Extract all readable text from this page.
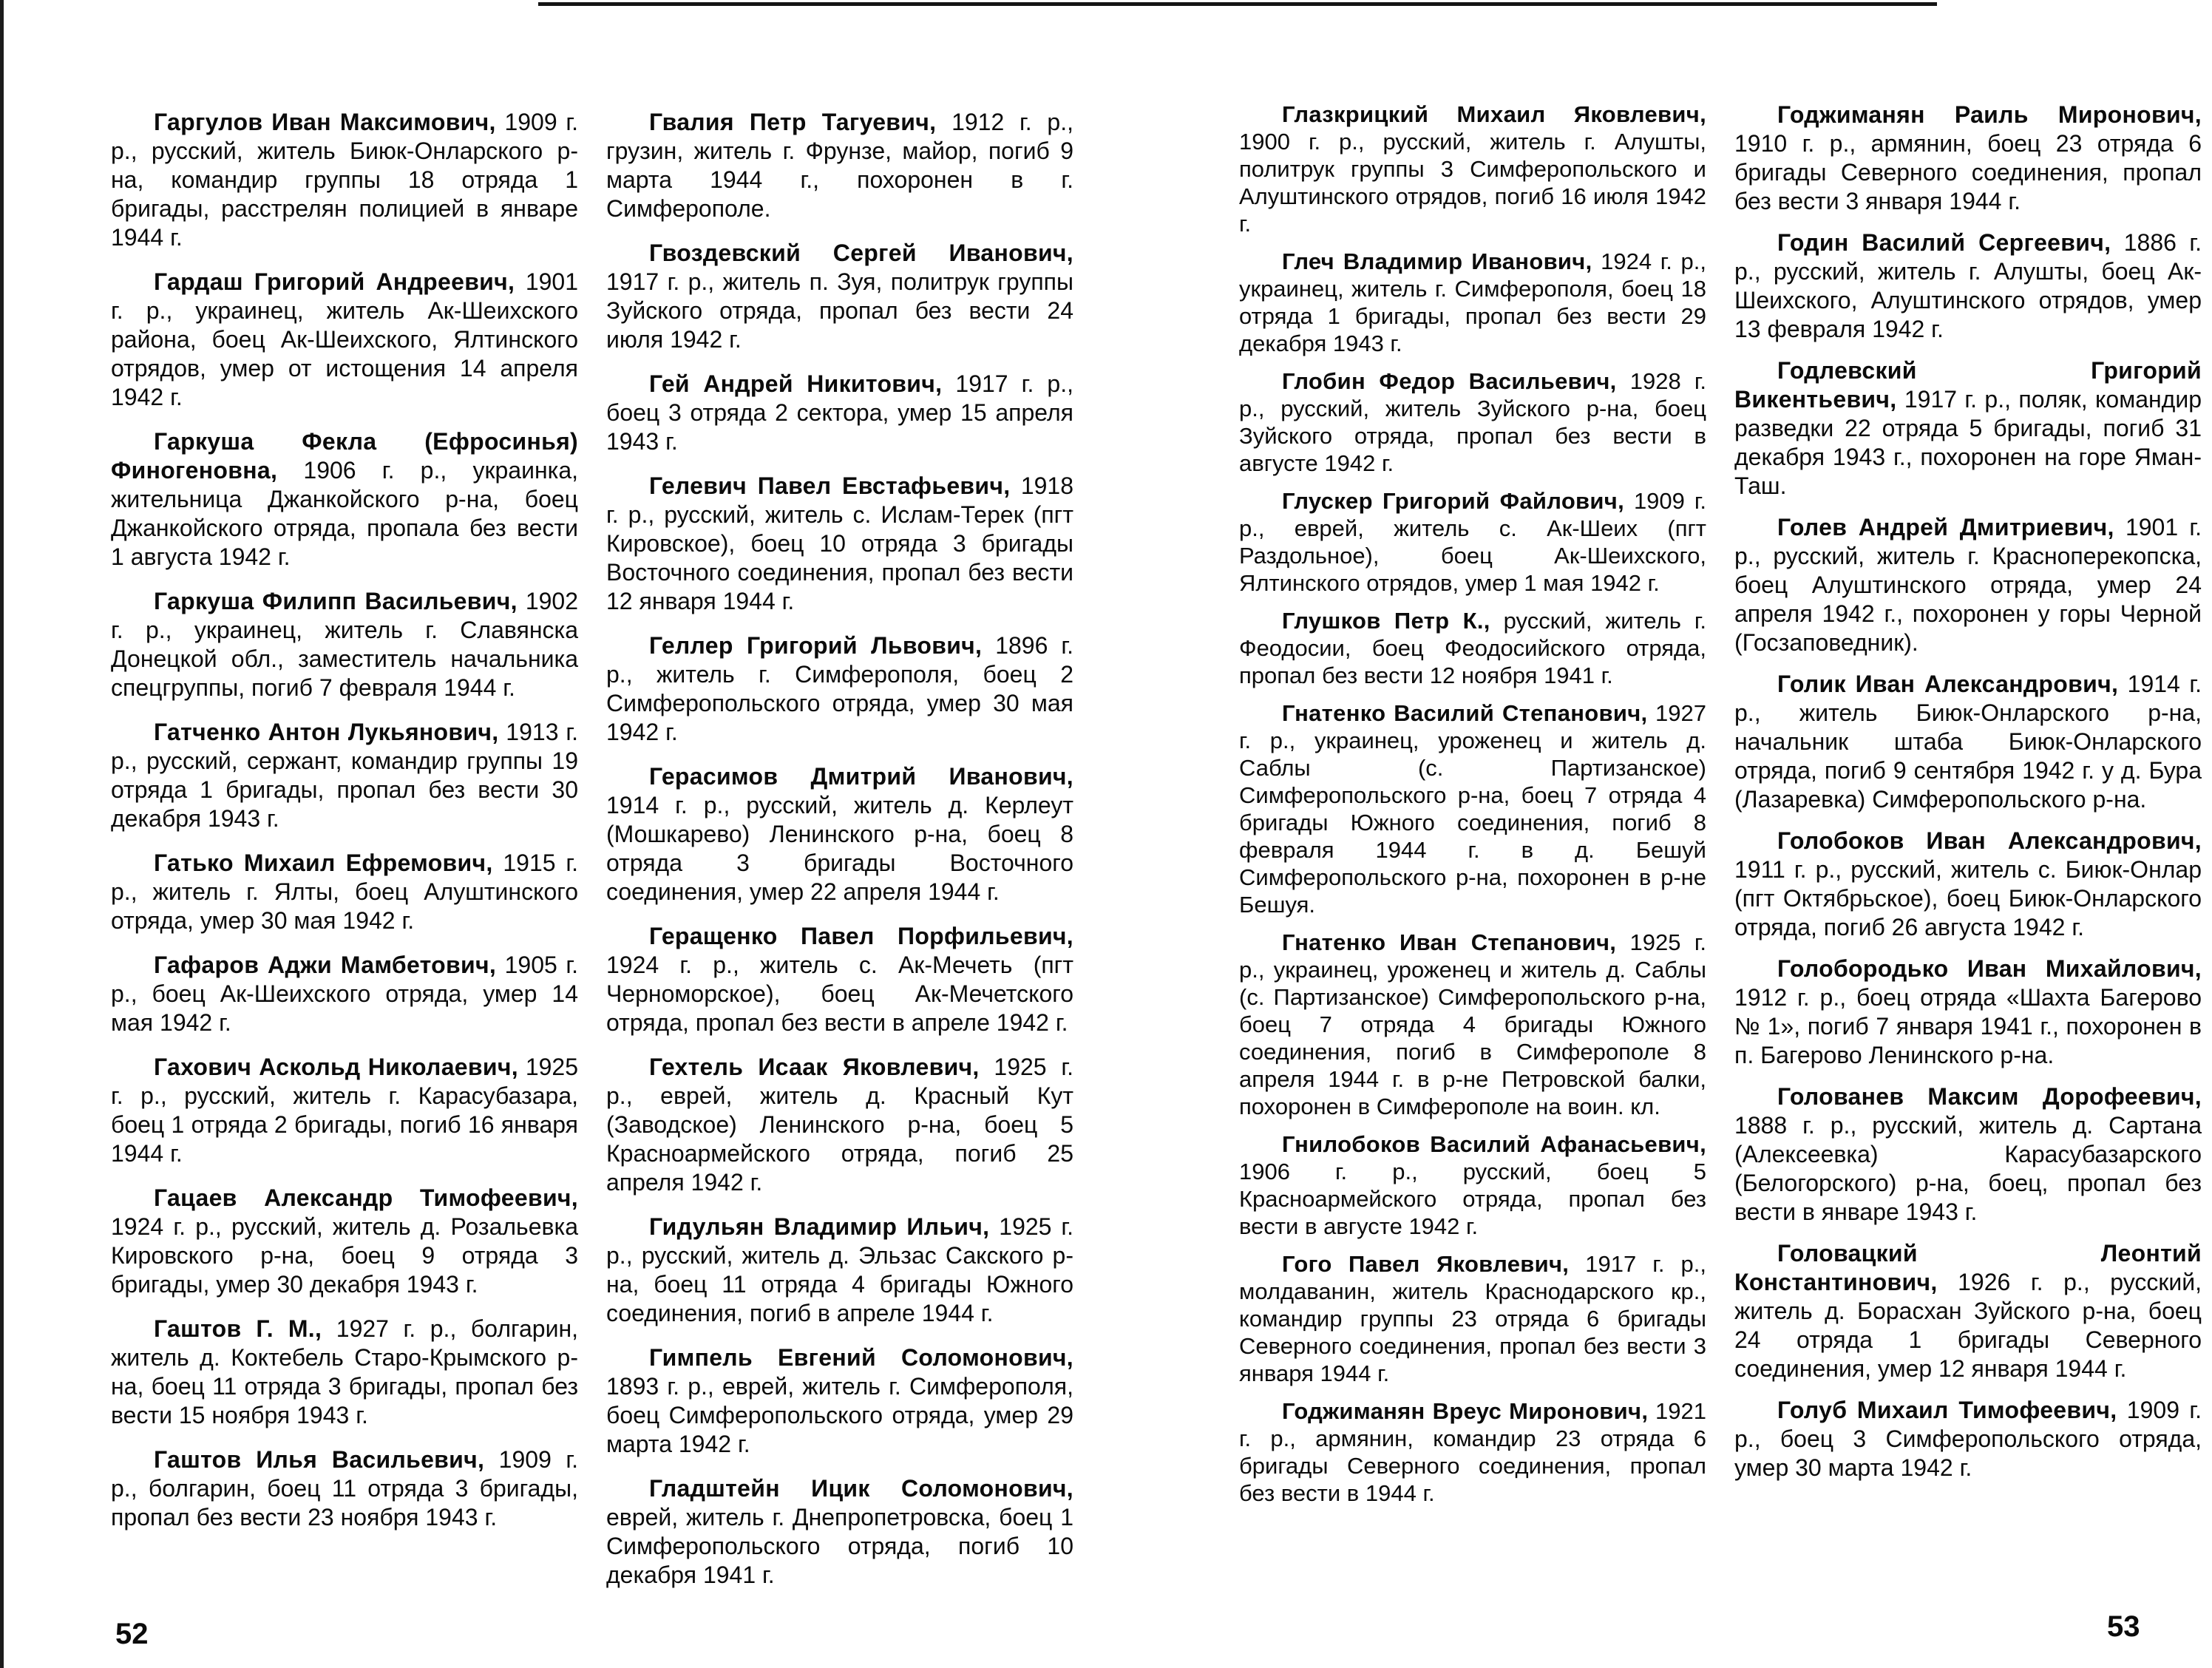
Гаргулов Иван Максимович, 1909 г. р., русский, житель Биюк-Онларского р-на, командир группы 18 отряда 1 бригады, расстрелян полицией в январе 1944 г.

Гардаш Григорий Андреевич, 1901 г. р., украинец, житель Ак-Шеихского района, боец Ак-Шеихского, Ялтинского отрядов, умер от истощения 14 апреля 1942 г.

Гаркуша Фекла (Ефросинья) Финогеновна, 1906 г. р., украинка, жительница Джанкойского р-на, боец Джанкойского отряда, пропала без вести 1 августа 1942 г.

Гаркуша Филипп Васильевич, 1902 г. р., украинец, житель г. Славянска Донецкой обл., заместитель начальника спецгруппы, погиб 7 февраля 1944 г.

Гатченко Антон Лукьянович, 1913 г. р., русский, сержант, командир группы 19 отряда 1 бригады, пропал без вести 30 декабря 1943 г.

Гатько Михаил Ефремович, 1915 г. р., житель г. Ялты, боец Алуштинского отряда, умер 30 мая 1942 г.

Гафаров Аджи Мамбетович, 1905 г. р., боец Ак-Шеихского отряда, умер 14 мая 1942 г.

Гахович Аскольд Николаевич, 1925 г. р., русский, житель г. Карасубазара, боец 1 отряда 2 бригады, погиб 16 января 1944 г.

Гацаев Александр Тимофеевич, 1924 г. р., русский, житель д. Розальевка Кировского р-на, боец 9 отряда 3 бригады, умер 30 декабря 1943 г.

Гаштов Г. М., 1927 г. р., болгарин, житель д. Коктебель Старо-Крымского р-на, боец 11 отряда 3 бригады, пропал без вести 15 ноября 1943 г.

Гаштов Илья Васильевич, 1909 г. р., болгарин, боец 11 отряда 3 бригады, пропал без вести 23 ноября 1943 г.

Гвалия Петр Тагуевич, 1912 г. р., грузин, житель г. Фрунзе, майор, погиб 9 марта 1944 г., похоронен в г. Симферополе.

Гвоздевский Сергей Иванович, 1917 г. р., житель п. Зуя, политрук группы Зуйского отряда, пропал без вести 24 июля 1942 г.

Гей Андрей Никитович, 1917 г. р., боец 3 отряда 2 сектора, умер 15 апреля 1943 г.

Гелевич Павел Евстафьевич, 1918 г. р., русский, житель с. Ислам-Терек (пгт Кировское), боец 10 отряда 3 бригады Восточного соединения, пропал без вести 12 января 1944 г.

Геллер Григорий Львович, 1896 г. р., житель г. Симферополя, боец 2 Симферопольского отряда, умер 30 мая 1942 г.

Герасимов Дмитрий Иванович, 1914 г. р., русский, житель д. Керлеут (Мошкарево) Ленинского р-на, боец 8 отряда 3 бригады Восточного соединения, умер 22 апреля 1944 г.

Геращенко Павел Порфильевич, 1924 г. р., житель с. Ак-Мечеть (пгт Черноморское), боец Ак-Мечетского отряда, пропал без вести в апреле 1942 г.

Гехтель Исаак Яковлевич, 1925 г. р., еврей, житель д. Красный Кут (Заводское) Ленинского р-на, боец 5 Красноармейского отряда, погиб 25 апреля 1942 г.

Гидульян Владимир Ильич, 1925 г. р., русский, житель д. Эльзас Сакского р-на, боец 11 отряда 4 бригады Южного соединения, погиб в апреле 1944 г.

Гимпель Евгений Соломонович, 1893 г. р., еврей, житель г. Симферополя, боец Симферопольского отряда, умер 29 марта 1942 г.

Гладштейн Ицик Соломонович, еврей, житель г. Днепропетровска, боец 1 Симферопольского отряда, погиб 10 декабря 1941 г.

Глазкрицкий Михаил Яковлевич, 1900 г. р., русский, житель г. Алушты, политрук группы 3 Симферопольского и Алуштинского отрядов, погиб 16 июля 1942 г.

Глеч Владимир Иванович, 1924 г. р., украинец, житель г. Симферополя, боец 18 отряда 1 бригады, пропал без вести 29 декабря 1943 г.

Глобин Федор Васильевич, 1928 г. р., русский, житель Зуйского р-на, боец Зуйского отряда, пропал без вести в августе 1942 г.

Глускер Григорий Файлович, 1909 г. р., еврей, житель с. Ак-Шеих (пгт Раздольное), боец Ак-Шеихского, Ялтинского отрядов, умер 1 мая 1942 г.

Глушков Петр К., русский, житель г. Феодосии, боец Феодосийского отряда, пропал без вести 12 ноября 1941 г.

Гнатенко Василий Степанович, 1927 г. р., украинец, уроженец и житель д. Саблы (с. Партизанское) Симферопольского р-на, боец 7 отряда 4 бригады Южного соединения, погиб 8 февраля 1944 г. в д. Бешуй Симферопольского р-на, похоронен в р-не Бешуя.

Гнатенко Иван Степанович, 1925 г. р., украинец, уроженец и житель д. Саблы (с. Партизанское) Симферопольского р-на, боец 7 отряда 4 бригады Южного соединения, погиб в Симферополе 8 апреля 1944 г. в р-не Петровской балки, похоронен в Симферополе на воин. кл.

Гнилобоков Василий Афанасьевич, 1906 г. р., русский, боец 5 Красноармейского отряда, пропал без вести в августе 1942 г.

Гого Павел Яковлевич, 1917 г. р., молдаванин, житель Краснодарского кр., командир группы 23 отряда 6 бригады Северного соединения, пропал без вести 3 января 1944 г.

Годжиманян Вреус Миронович, 1921 г. р., армянин, командир 23 отряда 6 бригады Северного соединения, пропал без вести в 1944 г.

Годжиманян Раиль Миронович, 1910 г. р., армянин, боец 23 отряда 6 бригады Северного соединения, пропал без вести 3 января 1944 г.

Годин Василий Сергеевич, 1886 г. р., русский, житель г. Алушты, боец Ак-Шеихского, Алуштинского отрядов, умер 13 февраля 1942 г.

Годлевский Григорий Викентьевич, 1917 г. р., поляк, командир разведки 22 отряда 5 бригады, погиб 31 декабря 1943 г., похоронен на горе Яман-Таш.

Голев Андрей Дмитриевич, 1901 г. р., русский, житель г. Красноперекопска, боец Алуштинского отряда, умер 24 апреля 1942 г., похоронен у горы Черной (Госзаповедник).

Голик Иван Александрович, 1914 г. р., житель Биюк-Онларского р-на, начальник штаба Биюк-Онларского отряда, погиб 9 сентября 1942 г. у д. Бура (Лазаревка) Симферопольского р-на.

Голобоков Иван Александрович, 1911 г. р., русский, житель с. Биюк-Онлар (пгт Октябрьское), боец Биюк-Онларского отряда, погиб 26 августа 1942 г.

Голобородько Иван Михайлович, 1912 г. р., боец отряда «Шахта Багерово № 1», погиб 7 января 1941 г., похоронен в п. Багерово Ленинского р-на.

Голованев Максим Дорофеевич, 1888 г. р., русский, житель д. Сартана (Алексеевка) Карасубазарского (Белогорского) р-на, боец, пропал без вести в январе 1943 г.

Головацкий Леонтий Константинович, 1926 г. р., русский, житель д. Борасхан Зуйского р-на, боец 24 отряда 1 бригады Северного соединения, умер 12 января 1944 г.

Голуб Михаил Тимофеевич, 1909 г. р., боец 3 Симферопольского отряда, умер 30 марта 1942 г.

52	53
